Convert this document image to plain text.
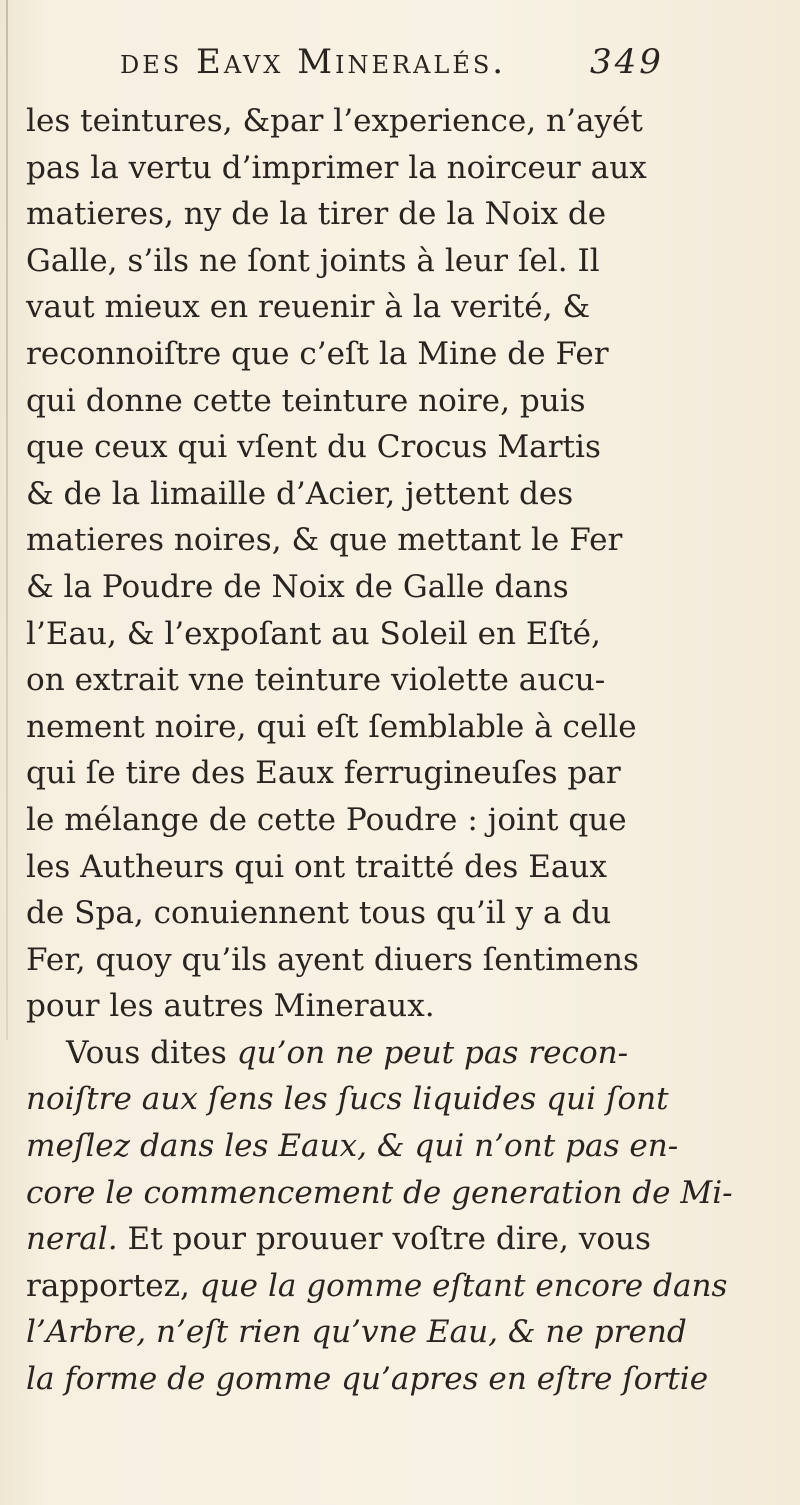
des Eavx Mineralés. 349
les teintures, &par l’experience, n’ayét
pas la vertu d’imprimer la noirceur aux
matieres, ny de la tirer de la Noix de
Galle, s’ils ne ſont joints à leur ſel. Il
vaut mieux en reuenir à la verité, &
reconnoiſtre que c’eſt la Mine de Fer
qui donne cette teinture noire, puis
que ceux qui vſent du Crocus Martis
& de la limaille d’Acier, jettent des
matieres noires, & que mettant le Fer
& la Poudre de Noix de Galle dans
l’Eau, & l’expoſant au Soleil en Eſté,
on extrait vne teinture violette aucu-
nement noire, qui eſt ſemblable à celle
qui ſe tire des Eaux ferrugineuſes par
le mélange de cette Poudre : joint que
les Autheurs qui ont traitté des Eaux
de Spa, conuiennent tous qu’il y a du
Fer, quoy qu’ils ayent diuers ſentimens
pour les autres Mineraux.
Vous dites qu’on ne peut pas recon-
noiſtre aux ſens les ſucs liquides qui ſont
meſlez dans les Eaux, & qui n’ont pas en-
core le commencement de generation de Mi-
neral. Et pour prouuer voſtre dire, vous
rapportez, que la gomme eſtant encore dans
l’Arbre, n’eſt rien qu’vne Eau, & ne prend
la forme de gomme qu’apres en eſtre ſortie
